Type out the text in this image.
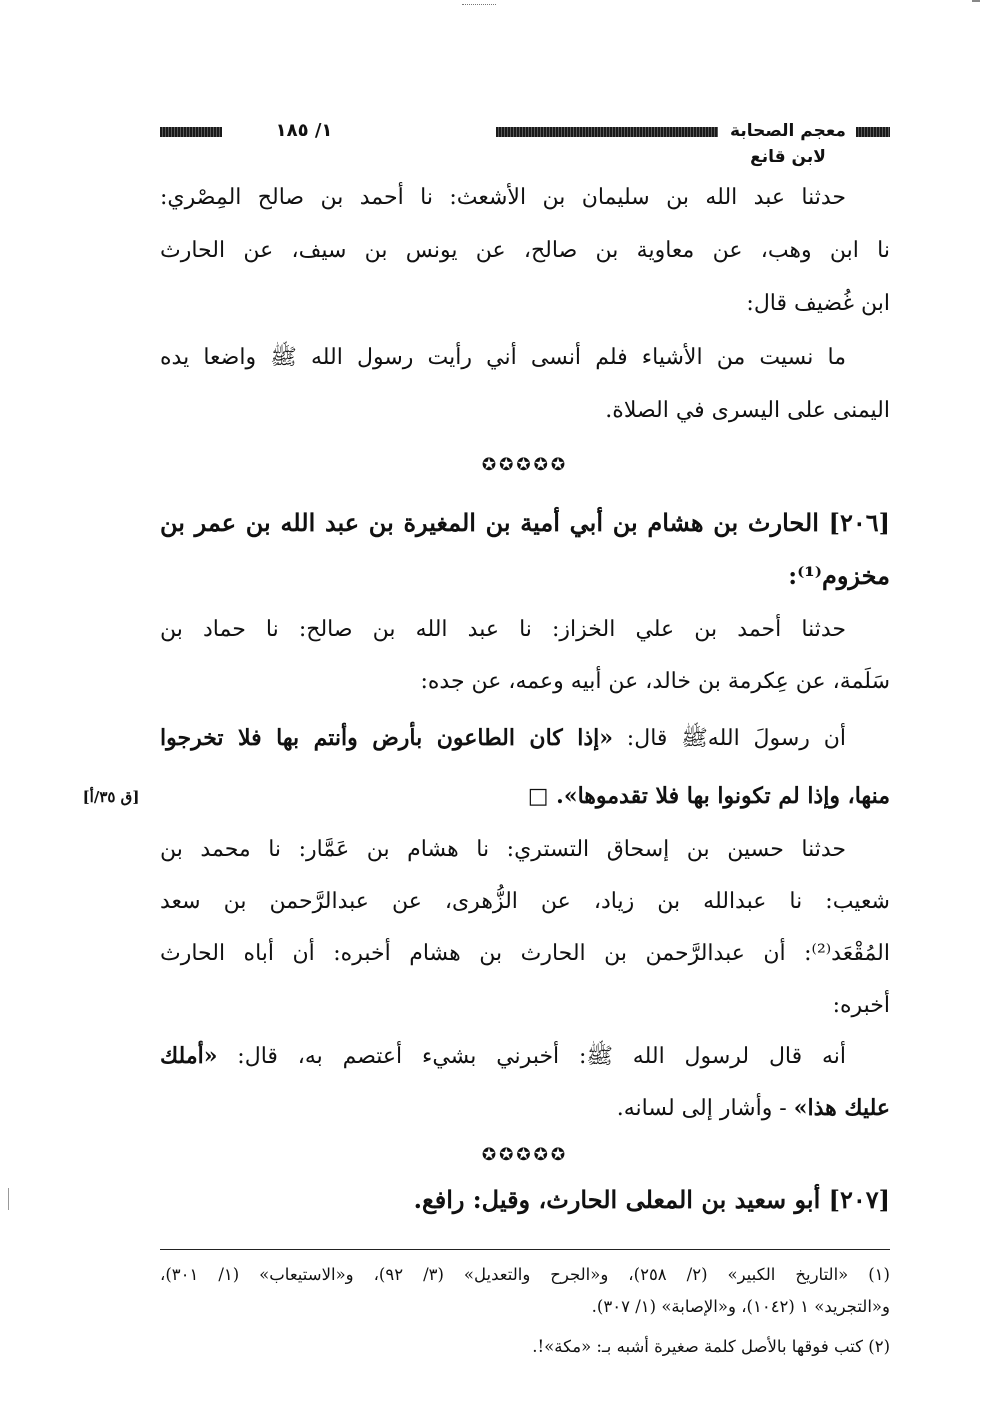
معجم الصحابة لابن قانع
١/ ١٨٥
حدثنا عبد الله بن سليمان بن الأشعث: نا أحمد بن صالح المِصْري:
نا ابن وهب، عن معاوية بن صالح، عن يونس بن سيف، عن الحارث
ابن غُضيف قال:
ما نسيت من الأشياء فلم أنسى أني رأيت رسول الله ﷺ واضعا يده
اليمنى على اليسرى في الصلاة.
✪✪✪✪✪
[٢٠٦] الحارث بن هشام بن أبي أمية بن المغيرة بن عبد الله بن عمر بن
مخزوم⁽¹⁾:
حدثنا أحمد بن علي الخزاز: نا عبد الله بن صالح: نا حماد بن
سَلَمة، عن عِكرمة بن خالد، عن أبيه وعمه، عن جده:
أن رسولَ اللهﷺ قال: «إذا كان الطاعون بأرض وأنتم بها فلا تخرجوا
منها، وإذا لم تكونوا بها فلا تقدموها». □
[ق ٣٥/أ]
حدثنا حسين بن إسحاق التستري: نا هشام بن عَمَّار: نا محمد بن
شعيب: نا عبدالله بن زياد، عن الزُّهرى، عن عبدالرَّحمن بن سعد
المُقْعَد⁽²⁾: أن عبدالرَّحمن بن الحارث بن هشام أخبره: أن أباه الحارث
أخبره:
أنه قال لرسول الله ﷺ: أخبرني بشيء أعتصم به، قال: «أملك
عليك هذا» - وأشار إلى لسانه.
✪✪✪✪✪
[٢٠٧] أبو سعيد بن المعلى الحارث، وقيل: رافع.
(١) «التاريخ الكبير» (٢/ ٢٥٨)، و«الجرح والتعديل» (٣/ ٩٢)، و«الاستيعاب» (١/ ٣٠١)،
و«التجريد» ١ (١٠٤٢)، و«الإصابة» (١/ ٣٠٧).
(٢) كتب فوقها بالأصل كلمة صغيرة أشبه بـ: «مكة»!.
